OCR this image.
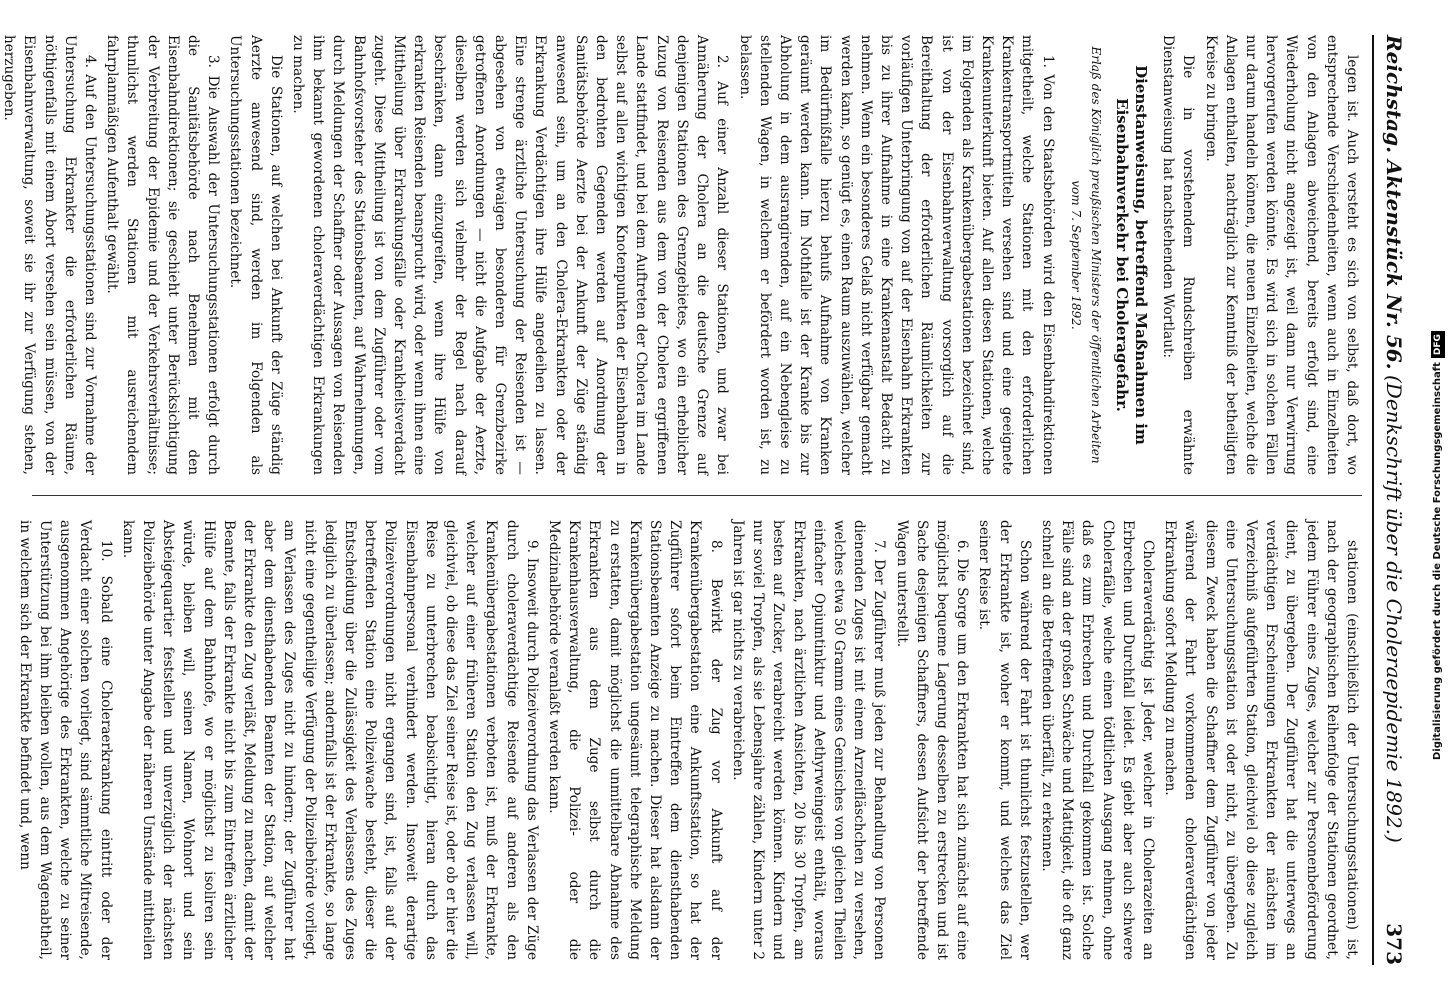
Reichstag. Aktenstück Nr. 56.
(Denkschrift über die Choleraepidemie 1892.)
373

legen ist. Auch versteht es sich von selbst, daß dort, wo entsprechende Verschiedenheiten, wenn auch in Einzelheiten von den Anlagen abweichend, bereits erfolgt sind, eine Wiederholung nicht angezeigt ist, weil dann nur Verwirrung hervorgerufen werden könnte. Es wird sich in solchen Fällen nur darum handeln können, die neuen Einzelheiten, welche die Anlagen enthalten, nachträglich zur Kenntniß der betheiligten Kreise zu bringen.

Die in vorstehendem Rundschreiben erwähnte Dienstanweisung hat nachstehenden Wortlaut:

Dienstanweisung, betreffend Maßnahmen im Eisenbahnverkehr bei Choleragefahr.
Erlaß des Königlich preußischen Ministers der öffentlichen Arbeiten vom 7. September 1892.

1. Von den Staatsbehörden wird den Eisenbahndirektionen mitgetheilt, welche Stationen mit den erforderlichen Krankentransportmitteln versehen sind und eine geeignete Krankenunterkunft bieten. Auf allen diesen Stationen, welche im Folgenden als Krankenübergabestationen bezeichnet sind, ist von der Eisenbahnverwaltung vorsorglich auf die Bereithaltung der erforderlichen Räumlichkeiten zur vorläufigen Unterbringung von auf der Eisenbahn Erkrankten bis zu ihrer Aufnahme in eine Krankenanstalt Bedacht zu nehmen. Wenn ein besonderes Gelaß nicht verfügbar gemacht werden kann, so genügt es, einen Raum auszuwählen, welcher im Bedürfnißfalle hierzu behufs Aufnahme von Kranken geräumt werden kann. Im Nothfalle ist der Kranke bis zur Abholung in dem ausrangirenden, auf ein Nebengleise zu stellenden Wagen, in welchem er befördert worden ist, zu belassen.

2. Auf einer Anzahl dieser Stationen, und zwar bei Annäherung der Cholera an die deutsche Grenze auf denjenigen Stationen des Grenzgebietes, wo ein erheblicher Zuzug von Reisenden aus dem von der Cholera ergriffenen Lande stattfindet, und bei dem Auftreten der Cholera im Lande selbst auf allen wichtigen Knotenpunkten der Eisenbahnen in den bedrohten Gegenden werden auf Anordnung der Sanitätsbehörde Aerzte bei der Ankunft der Züge ständig anwesend sein, um an den Cholera-Erkrankten oder der Erkrankung Verdächtigen ihre Hülfe angedeihen zu lassen. Eine strenge ärztliche Untersuchung der Reisenden ist — abgesehen von etwaigen besonderen für Grenzbezirke getroffenen Anordnungen — nicht die Aufgabe der Aerzte, dieselben werden sich vielmehr der Regel nach darauf beschränken, dann einzugreifen, wenn ihre Hülfe von erkrankten Reisenden beansprucht wird, oder wenn ihnen eine Mittheilung über Erkrankungsfälle oder Krankheitsverdacht zugeht. Diese Mittheilung ist von dem Zugführer oder vom Bahnhofsvorsteher des Stationsbeamten, auf Wahrnehmungen, durch Meldungen der Schaffner oder Aussagen von Reisenden ihm bekannt gewordenen choleraverdächtigen Erkrankungen zu machen.

Die Stationen, auf welchen bei Ankunft der Züge ständig Aerzte anwesend sind, werden im Folgenden als Untersuchungsstationen bezeichnet.

3. Die Auswahl der Untersuchungsstationen erfolgt durch die Sanitätsbehörde nach Benehmen mit den Eisenbahndirektionen; sie geschieht unter Berücksichtigung der Verbreitung der Epidemie und der Verkehrsverhältnisse; thunlichst werden Stationen mit ausreichendem fahrplanmäßigen Aufenthalt gewählt.

4. Auf den Untersuchungsstationen sind zur Vornahme der Untersuchung Erkrankter die erforderlichen Räume, nöthigenfalls mit einem Abort versehen sein müssen, von der Eisenbahnverwaltung, soweit sie ihr zur Verfügung stehen, herzugeben.

stationen (einschließlich der Untersuchungsstationen) ist, nach der geographischen Reihenfolge der Stationen geordnet, jedem Führer eines Zuges, welcher zur Personenbeförderung dient, zu übergeben. Der Zugführer hat die unterwegs an verdächtigen Erscheinungen Erkrankten der nächsten im Verzeichniß aufgeführten Station, gleichviel ob diese zugleich eine Untersuchungsstation ist oder nicht, zu übergeben. Zu diesem Zweck haben die Schaffner dem Zugführer von jeder während der Fahrt vorkommenden choleraverdächtigen Erkrankung sofort Meldung zu machen.

Choleraverdächtig ist Jeder, welcher in Cholerazeiten an Erbrechen und Durchfall leidet. Es giebt aber auch schwere Cholerafälle, welche einen tödtlichen Ausgang nehmen, ohne daß es zum Erbrechen und Durchfall gekommen ist. Solche Fälle sind an der großen Schwäche und Mattigkeit, die oft ganz schnell an die Betreffenden überfällt, zu erkennen.

Schon während der Fahrt ist thunlichst festzustellen, wer der Erkrankte ist, woher er kommt, und welches das Ziel seiner Reise ist.

6. Die Sorge um den Erkrankten hat sich zunächst auf eine möglichst bequeme Lagerung desselben zu erstrecken und ist Sache desjenigen Schaffners, dessen Aufsicht der betreffende Wagen unterstellt.

7. Der Zugführer muß jeden zur Behandlung von Personen dienenden Zuges ist mit einem Arzneifläschchen zu versehen, welches etwa 50 Gramm eines Gemisches von gleichen Theilen einfacher Opiumtinktur und Aethyrweingeist enthält, woraus Erkrankten, nach ärztlichen Ansichten, 20 bis 30 Tropfen, am besten auf Zucker, verabreicht werden können. Kindern und nur soviel Tropfen, als sie Lebensjahre zählen, Kindern unter 2 Jahren ist gar nichts zu verabreichen.

8. Bewirkt der Zug vor Ankunft auf der Krankenübergabestation eine Ankunftsstation, so hat der Zugführer sofort beim Eintreffen dem diensthabenden Stationsbeamten Anzeige zu machen. Dieser hat alsdann der Krankenübergabestation ungesäumt telegraphische Meldung zu erstatten, damit möglichst die unmittelbare Abnahme des Erkrankten aus dem Zuge selbst durch die Krankenhausverwaltung, die Polizei- oder die Medizinalbehörde veranlaßt werden kann.

9. Insoweit durch Polizeiverordnung das Verlassen der Züge durch choleraverdächtige Reisende auf anderen als den Krankenübergabestationen verboten ist, muß der Erkrankte, welcher auf einer früheren Station den Zug verlassen will, gleichviel, ob diese das Ziel seiner Reise ist, oder ob er hier die Reise zu unterbrechen beabsichtigt, hieran durch das Eisenbahnpersonal verhindert werden. Insoweit derartige Polizeiverordnungen nicht ergangen sind, ist, falls auf der betreffenden Station eine Polizeiwache besteht, dieser die Entscheidung über die Zulässigkeit des Verlassens des Zuges lediglich zu überlassen; andernfalls ist der Erkrankte, so lange nicht eine gegentheilige Verfügung der Polizeibehörde vorliegt, am Verlassen des Zuges nicht zu hindern; der Zugführer hat aber dem diensthabenden Beamten der Station, auf welcher der Erkrankte den Zug verläßt, Meldung zu machen, damit der Beamte, falls der Erkrankte nicht bis zum Eintreffen ärztlicher Hülfe auf dem Bahnhofe, wo er möglichst zu isoliren sein würde, bleiben will, seinen Namen, Wohnort und sein Absteigequartier feststellen und unverzüglich der nächsten Polizeibehörde unter Angabe der näheren Umstände mittheilen kann.

10. Sobald eine Choleraerkrankung eintritt oder der Verdacht einer solchen vorliegt, sind sämmtliche Mitreisende, ausgenommen Angehörige des Erkrankten, welche zu seiner Unterstützung bei ihm bleiben wollen, aus dem Wagenabtheil, in welchem sich der Erkrankte befindet und, wenn	Digitalisierung gefördert durch die Deutsche ForschungsgemeinschaftDFG
